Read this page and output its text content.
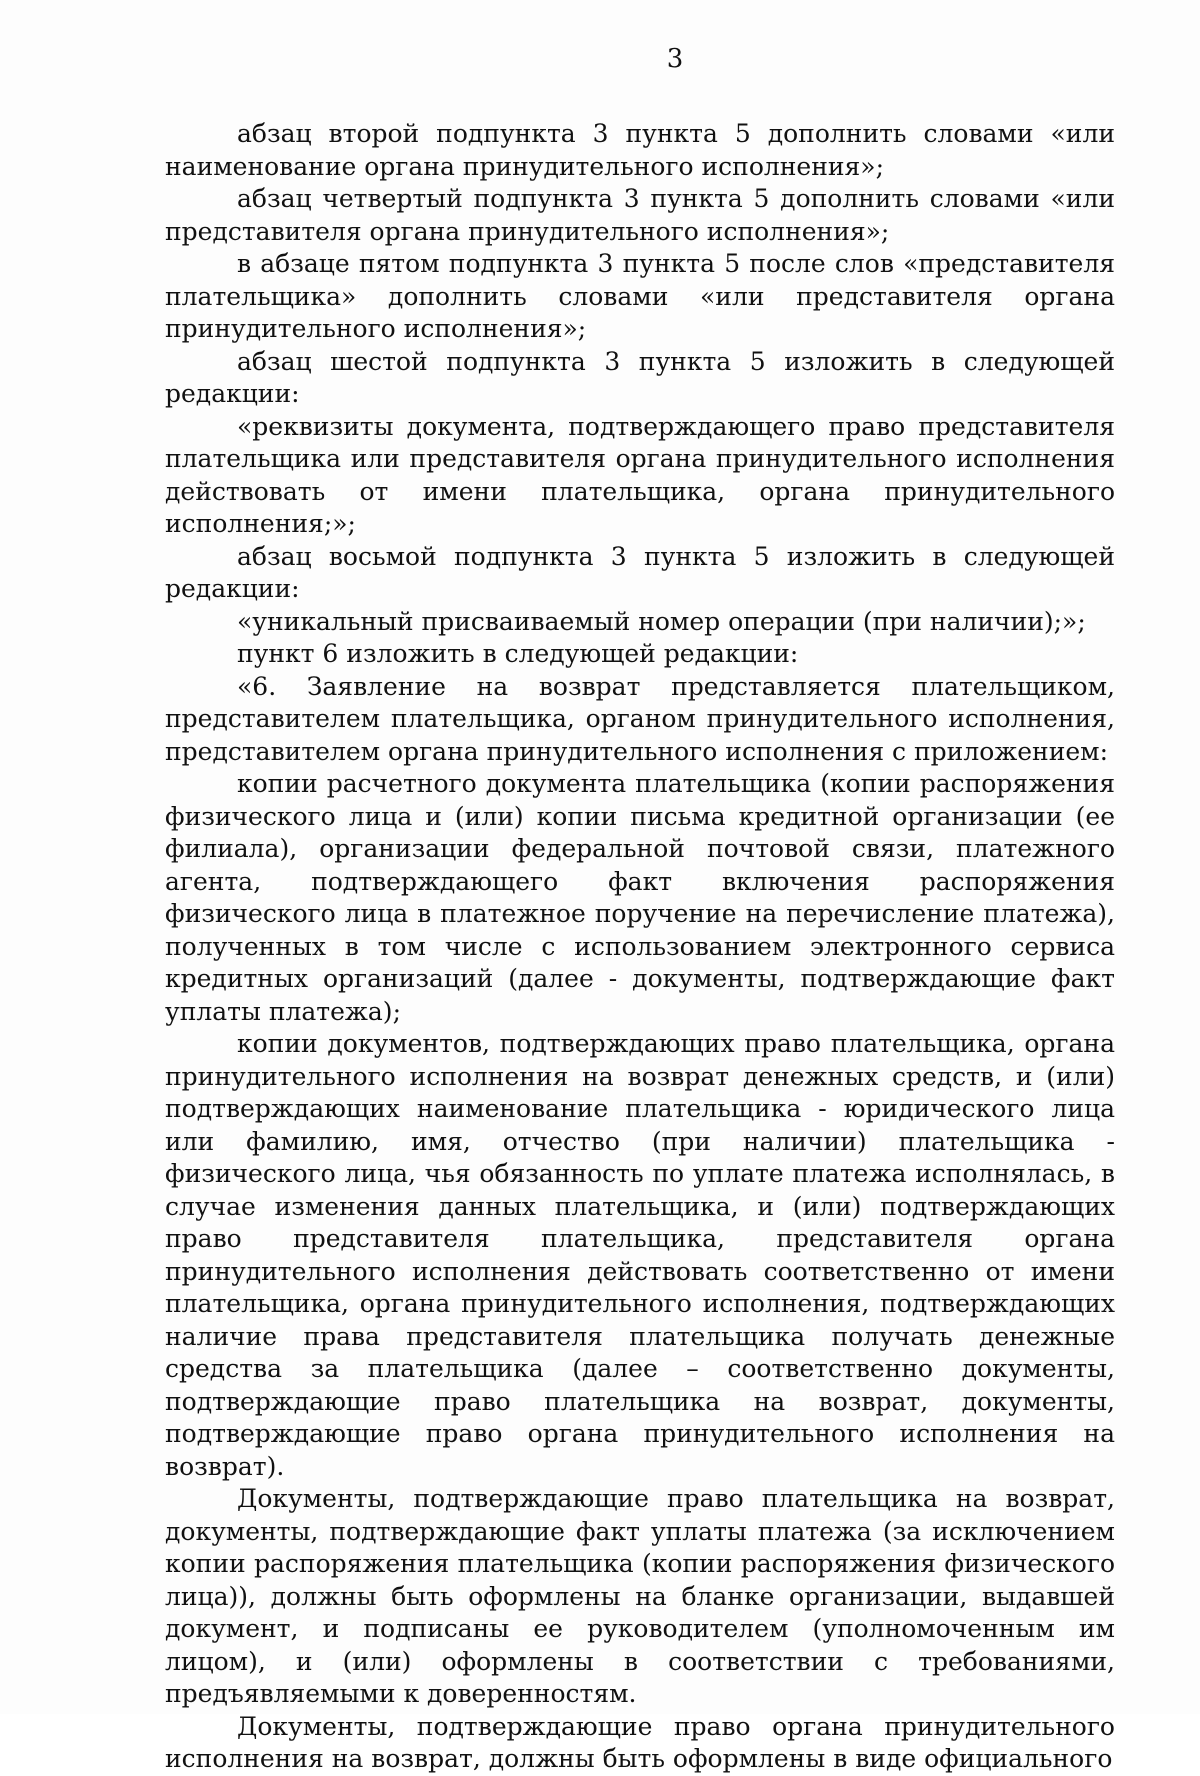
3

абзац второй подпункта 3 пункта 5 дополнить словами «или наименование органа принудительного исполнения»;

абзац четвертый подпункта 3 пункта 5 дополнить словами «или представителя органа принудительного исполнения»;

в абзаце пятом подпункта 3 пункта 5 после слов «представителя плательщика» дополнить словами «или представителя органа принудительного исполнения»;

абзац шестой подпункта 3 пункта 5 изложить в следующей редакции:

«реквизиты документа, подтверждающего право представителя плательщика или представителя органа принудительного исполнения действовать от имени плательщика, органа принудительного исполнения;»;

абзац восьмой подпункта 3 пункта 5 изложить в следующей редакции:

«уникальный присваиваемый номер операции (при наличии);»;

пункт 6 изложить в следующей редакции:

«6. Заявление на возврат представляется плательщиком, представителем плательщика, органом принудительного исполнения, представителем органа принудительного исполнения с приложением:

копии расчетного документа плательщика (копии распоряжения физического лица и (или) копии письма кредитной организации (ее филиала), организации федеральной почтовой связи, платежного агента, подтверждающего факт включения распоряжения физического лица в платежное поручение на перечисление платежа), полученных в том числе с использованием электронного сервиса кредитных организаций (далее - документы, подтверждающие факт уплаты платежа);

копии документов, подтверждающих право плательщика, органа принудительного исполнения на возврат денежных средств, и (или) подтверждающих наименование плательщика - юридического лица или фамилию, имя, отчество (при наличии) плательщика - физического лица, чья обязанность по уплате платежа исполнялась, в случае изменения данных плательщика, и (или) подтверждающих право представителя плательщика, представителя органа принудительного исполнения действовать соответственно от имени плательщика, органа принудительного исполнения, подтверждающих наличие права представителя плательщика получать денежные средства за плательщика (далее – соответственно документы, подтверждающие право плательщика на возврат, документы, подтверждающие право органа принудительного исполнения на возврат).

Документы, подтверждающие право плательщика на возврат, документы, подтверждающие факт уплаты платежа (за исключением копии распоряжения плательщика (копии распоряжения физического лица)), должны быть оформлены на бланке организации, выдавшей документ, и подписаны ее руководителем (уполномоченным им лицом), и (или) оформлены в соответствии с требованиями, предъявляемыми к доверенностям.

Документы, подтверждающие право органа принудительного исполнения на возврат, должны быть оформлены в виде официального
